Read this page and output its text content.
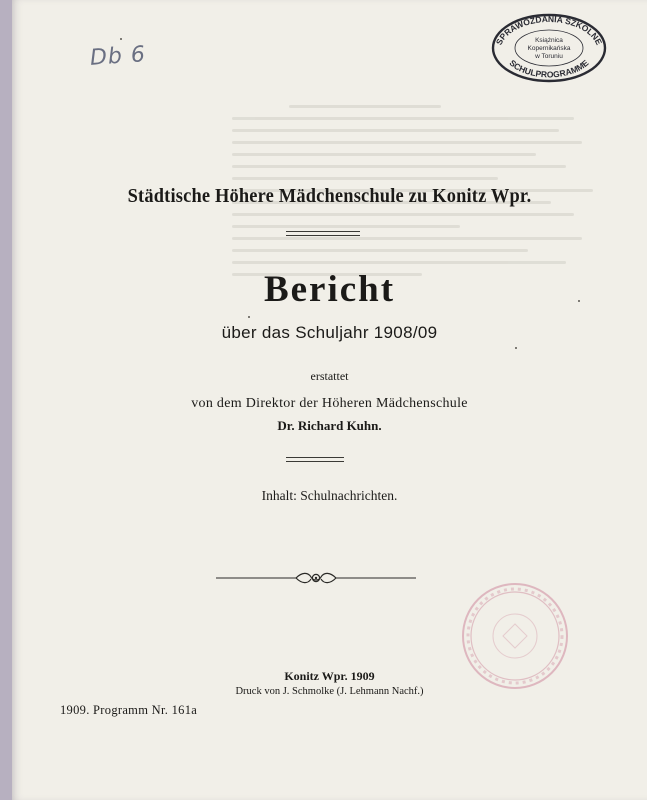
Db 6
SPRAWOZDANIA SZKOLNE
SCHULPROGRAMME
Książnica
Kopernikańska
w Toruniu
Städtische Höhere Mädchenschule zu Konitz Wpr.
Bericht
über das Schuljahr 1908/09
erstattet
von dem Direktor der Höheren Mädchenschule
Dr. Richard Kuhn.
Inhalt: Schulnachrichten.
Konitz Wpr. 1909
Druck von J. Schmolke (J. Lehmann Nachf.)
1909. Programm Nr. 161a
